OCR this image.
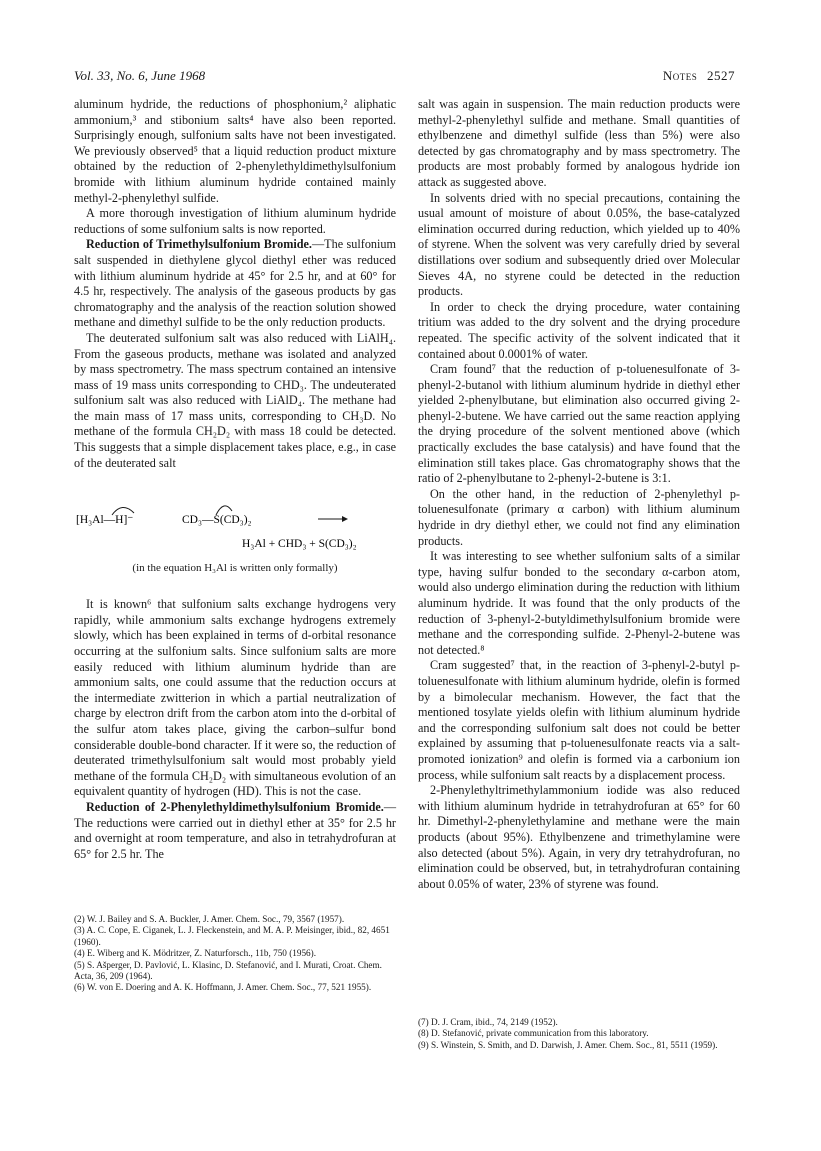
Vol. 33, No. 6, June 1968	Notes 2527

aluminum hydride, the reductions of phosphonium,² aliphatic ammonium,³ and stibonium salts⁴ have also been reported. Surprisingly enough, sulfonium salts have not been investigated. We previously observed⁵ that a liquid reduction product mixture obtained by the reduction of 2-phenylethyldimethylsulfonium bromide with lithium aluminum hydride contained mainly methyl-2-phenylethyl sulfide.

A more thorough investigation of lithium aluminum hydride reductions of some sulfonium salts is now reported.

Reduction of Trimethylsulfonium Bromide.—The sulfonium salt suspended in diethylene glycol diethyl ether was reduced with lithium aluminum hydride at 45° for 2.5 hr, and at 60° for 4.5 hr, respectively. The analysis of the gaseous products by gas chromatography and the analysis of the reaction solution showed methane and dimethyl sulfide to be the only reduction products.

The deuterated sulfonium salt was also reduced with LiAlH₄. From the gaseous products, methane was isolated and analyzed by mass spectrometry. The mass spectrum contained an intensive mass of 19 mass units corresponding to CHD₃. The undeuterated sulfonium salt was also reduced with LiAlD₄. The methane had the main mass of 17 mass units, corresponding to CH₃D. No methane of the formula CH₂D₂ with mass 18 could be detected. This suggests that a simple displacement takes place, e.g., in case of the deuterated salt

[H₃Al—H]⁻	CD₃—S(CD₃)₂
H₃Al + CHD₃ + S(CD₃)₂
(in the equation H₃Al is written only formally)

It is known⁶ that sulfonium salts exchange hydrogens very rapidly, while ammonium salts exchange hydrogens extremely slowly, which has been explained in terms of d-orbital resonance occurring at the sulfonium salts. Since sulfonium salts are more easily reduced with lithium aluminum hydride than are ammonium salts, one could assume that the reduction occurs at the intermediate zwitterion in which a partial neutralization of charge by electron drift from the carbon atom into the d-orbital of the sulfur atom takes place, giving the carbon–sulfur bond considerable double-bond character. If it were so, the reduction of deuterated trimethylsulfonium salt would most probably yield methane of the formula CH₂D₂ with simultaneous evolution of an equivalent quantity of hydrogen (HD). This is not the case.

Reduction of 2-Phenylethyldimethylsulfonium Bromide.—The reductions were carried out in diethyl ether at 35° for 2.5 hr and overnight at room temperature, and also in tetrahydrofuran at 65° for 2.5 hr. The

salt was again in suspension. The main reduction products were methyl-2-phenylethyl sulfide and methane. Small quantities of ethylbenzene and dimethyl sulfide (less than 5%) were also detected by gas chromatography and by mass spectrometry. The products are most probably formed by analogous hydride ion attack as suggested above.

In solvents dried with no special precautions, containing the usual amount of moisture of about 0.05%, the base-catalyzed elimination occurred during reduction, which yielded up to 40% of styrene. When the solvent was very carefully dried by several distillations over sodium and subsequently dried over Molecular Sieves 4A, no styrene could be detected in the reduction products.

In order to check the drying procedure, water containing tritium was added to the dry solvent and the drying procedure repeated. The specific activity of the solvent indicated that it contained about 0.0001% of water.

Cram found⁷ that the reduction of p-toluenesulfonate of 3-phenyl-2-butanol with lithium aluminum hydride in diethyl ether yielded 2-phenylbutane, but elimination also occurred giving 2-phenyl-2-butene. We have carried out the same reaction applying the drying procedure of the solvent mentioned above (which practically excludes the base catalysis) and have found that the elimination still takes place. Gas chromatography shows that the ratio of 2-phenylbutane to 2-phenyl-2-butene is 3:1.

On the other hand, in the reduction of 2-phenylethyl p-toluenesulfonate (primary α carbon) with lithium aluminum hydride in dry diethyl ether, we could not find any elimination products.

It was interesting to see whether sulfonium salts of a similar type, having sulfur bonded to the secondary α-carbon atom, would also undergo elimination during the reduction with lithium aluminum hydride. It was found that the only products of the reduction of 3-phenyl-2-butyldimethylsulfonium bromide were methane and the corresponding sulfide. 2-Phenyl-2-butene was not detected.⁸

Cram suggested⁷ that, in the reaction of 3-phenyl-2-butyl p-toluenesulfonate with lithium aluminum hydride, olefin is formed by a bimolecular mechanism. However, the fact that the mentioned tosylate yields olefin with lithium aluminum hydride and the corresponding sulfonium salt does not could be better explained by assuming that p-toluenesulfonate reacts via a salt-promoted ionization⁹ and olefin is formed via a carbonium ion process, while sulfonium salt reacts by a displacement process.

2-Phenylethyltrimethylammonium iodide was also reduced with lithium aluminum hydride in tetrahydrofuran at 65° for 60 hr. Dimethyl-2-phenylethylamine and methane were the main products (about 95%). Ethylbenzene and trimethylamine were also detected (about 5%). Again, in very dry tetrahydrofuran, no elimination could be observed, but, in tetrahydrofuran containing about 0.05% of water, 23% of styrene was found.

(2) W. J. Bailey and S. A. Buckler, J. Amer. Chem. Soc., 79, 3567 (1957).
(3) A. C. Cope, E. Ciganek, L. J. Fleckenstein, and M. A. P. Meisinger, ibid., 82, 4651 (1960).
(4) E. Wiberg and K. Mödritzer, Z. Naturforsch., 11b, 750 (1956).
(5) S. Ašperger, D. Pavlović, L. Klasinc, D. Stefanović, and I. Murati, Croat. Chem. Acta, 36, 209 (1964).
(6) W. von E. Doering and A. K. Hoffmann, J. Amer. Chem. Soc., 77, 521 1955).
(7) D. J. Cram, ibid., 74, 2149 (1952).
(8) D. Stefanović, private communication from this laboratory.
(9) S. Winstein, S. Smith, and D. Darwish, J. Amer. Chem. Soc., 81, 5511 (1959).
